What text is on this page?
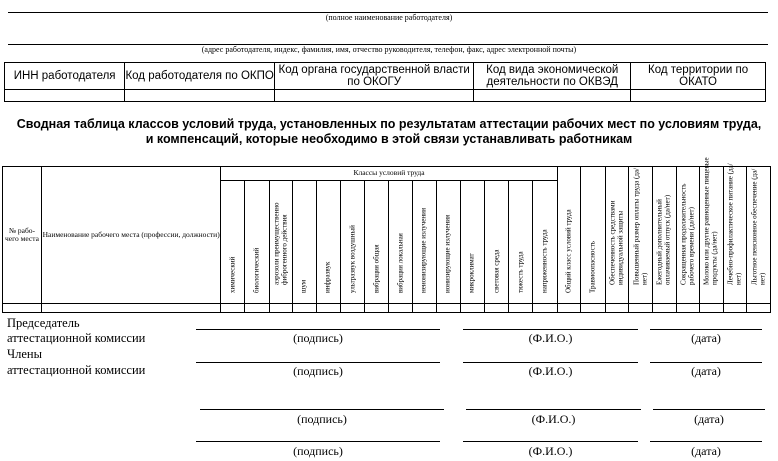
(полное наименование работодателя)
(адрес работодателя, индекс, фамилия, имя, отчество руководителя, телефон, факс, адрес электронной почты)
ИНН работодателя	Код работодателя по ОКПО	Код органа государственной власти по ОКОГУ	Код вида экономической деятельности по ОКВЭД	Код территории по ОКАТО

Сводная таблица классов условий труда, установленных по результатам аттестации рабочих мест по условиям труда,
и компенсаций, которые необходимо в этой связи устанавливать работникам
№ рабо-чего места	Наименование рабочего места (профессии, должности)	Классы условий труда														Общий класс условий труда	Травмоопасность	Обеспеченность средствами индивидуальной защиты	Повышенный размер оплаты труда (да/нет)	Ежегодный дополнительный оплачиваемый отпуск (да/нет)	Сокращенная продолжительность рабочего времени (да/нет)	Молоко или другие равноценные пищевые продукты (да/нет)	Лечебно-профилактическое питание (да/нет)	Льготное пенсионное обеспечение (да/нет)

		химический	биологический	аэрозоли преимущественно фиброгенного действия	шум	инфразвук	ультразвук воздушный	вибрация общая	вибрация локальная	неионизирующие излучения	ионизирующие излучения	микроклимат	световая среда	тяжесть труда	напряженность труда									

Председатель
аттестационной комиссии
Члены
аттестационной комиссии
(подпись)	(Ф.И.О.)	(дата)
(подпись)	(Ф.И.О.)	(дата)
(подпись)	(Ф.И.О.)	(дата)
(подпись)	(Ф.И.О.)	(дата)
